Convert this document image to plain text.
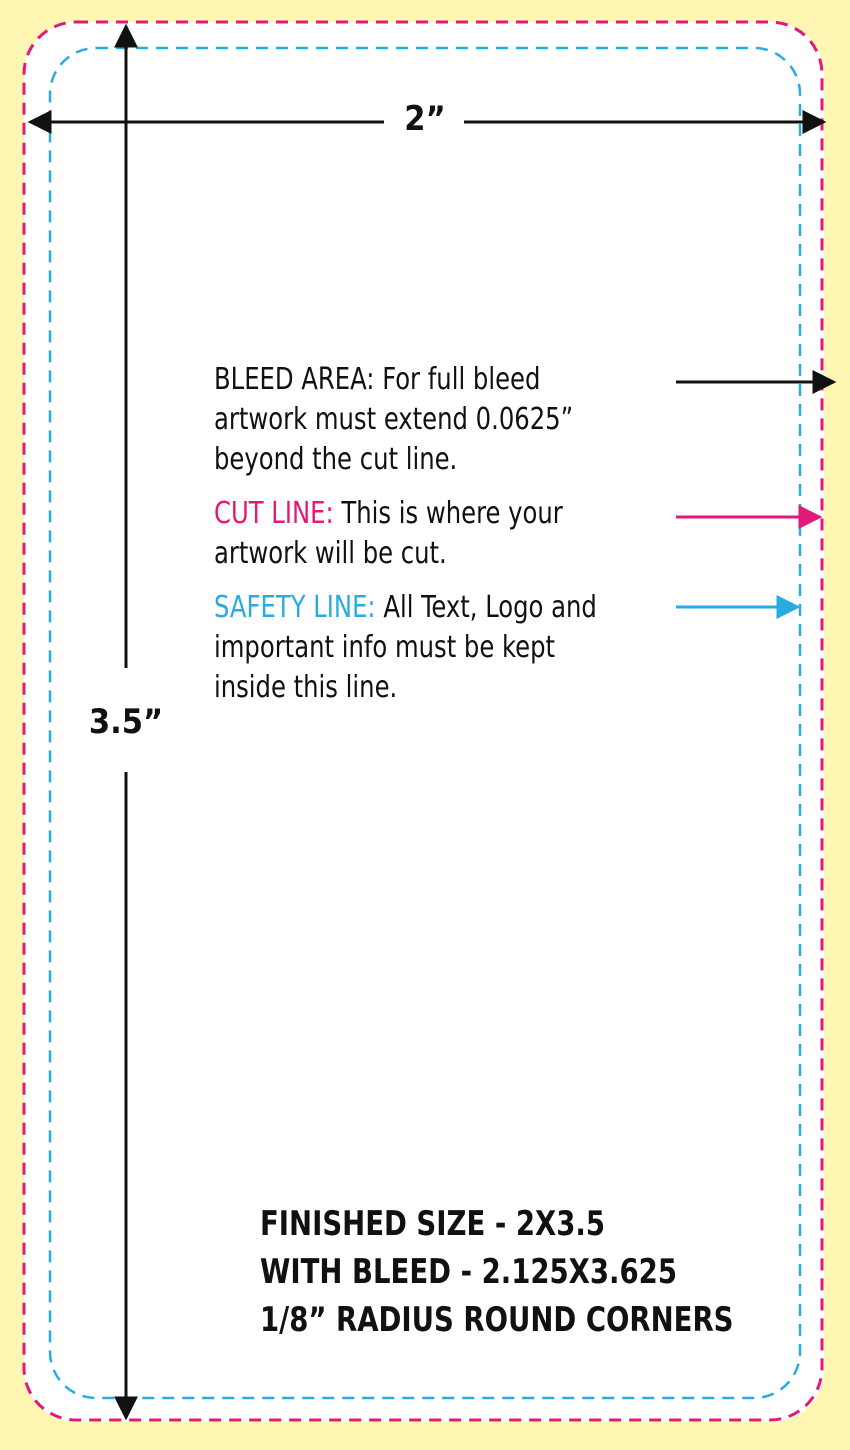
2”
3.5”
BLEED AREA: For full bleed artwork must extend 0.0625” beyond the cut line.
CUT LINE: This is where your artwork will be cut.
SAFETY LINE: All Text, Logo and important info must be kept inside this line.
FINISHED SIZE - 2X3.5
WITH BLEED - 2.125X3.625
1/8” RADIUS ROUND CORNERS
